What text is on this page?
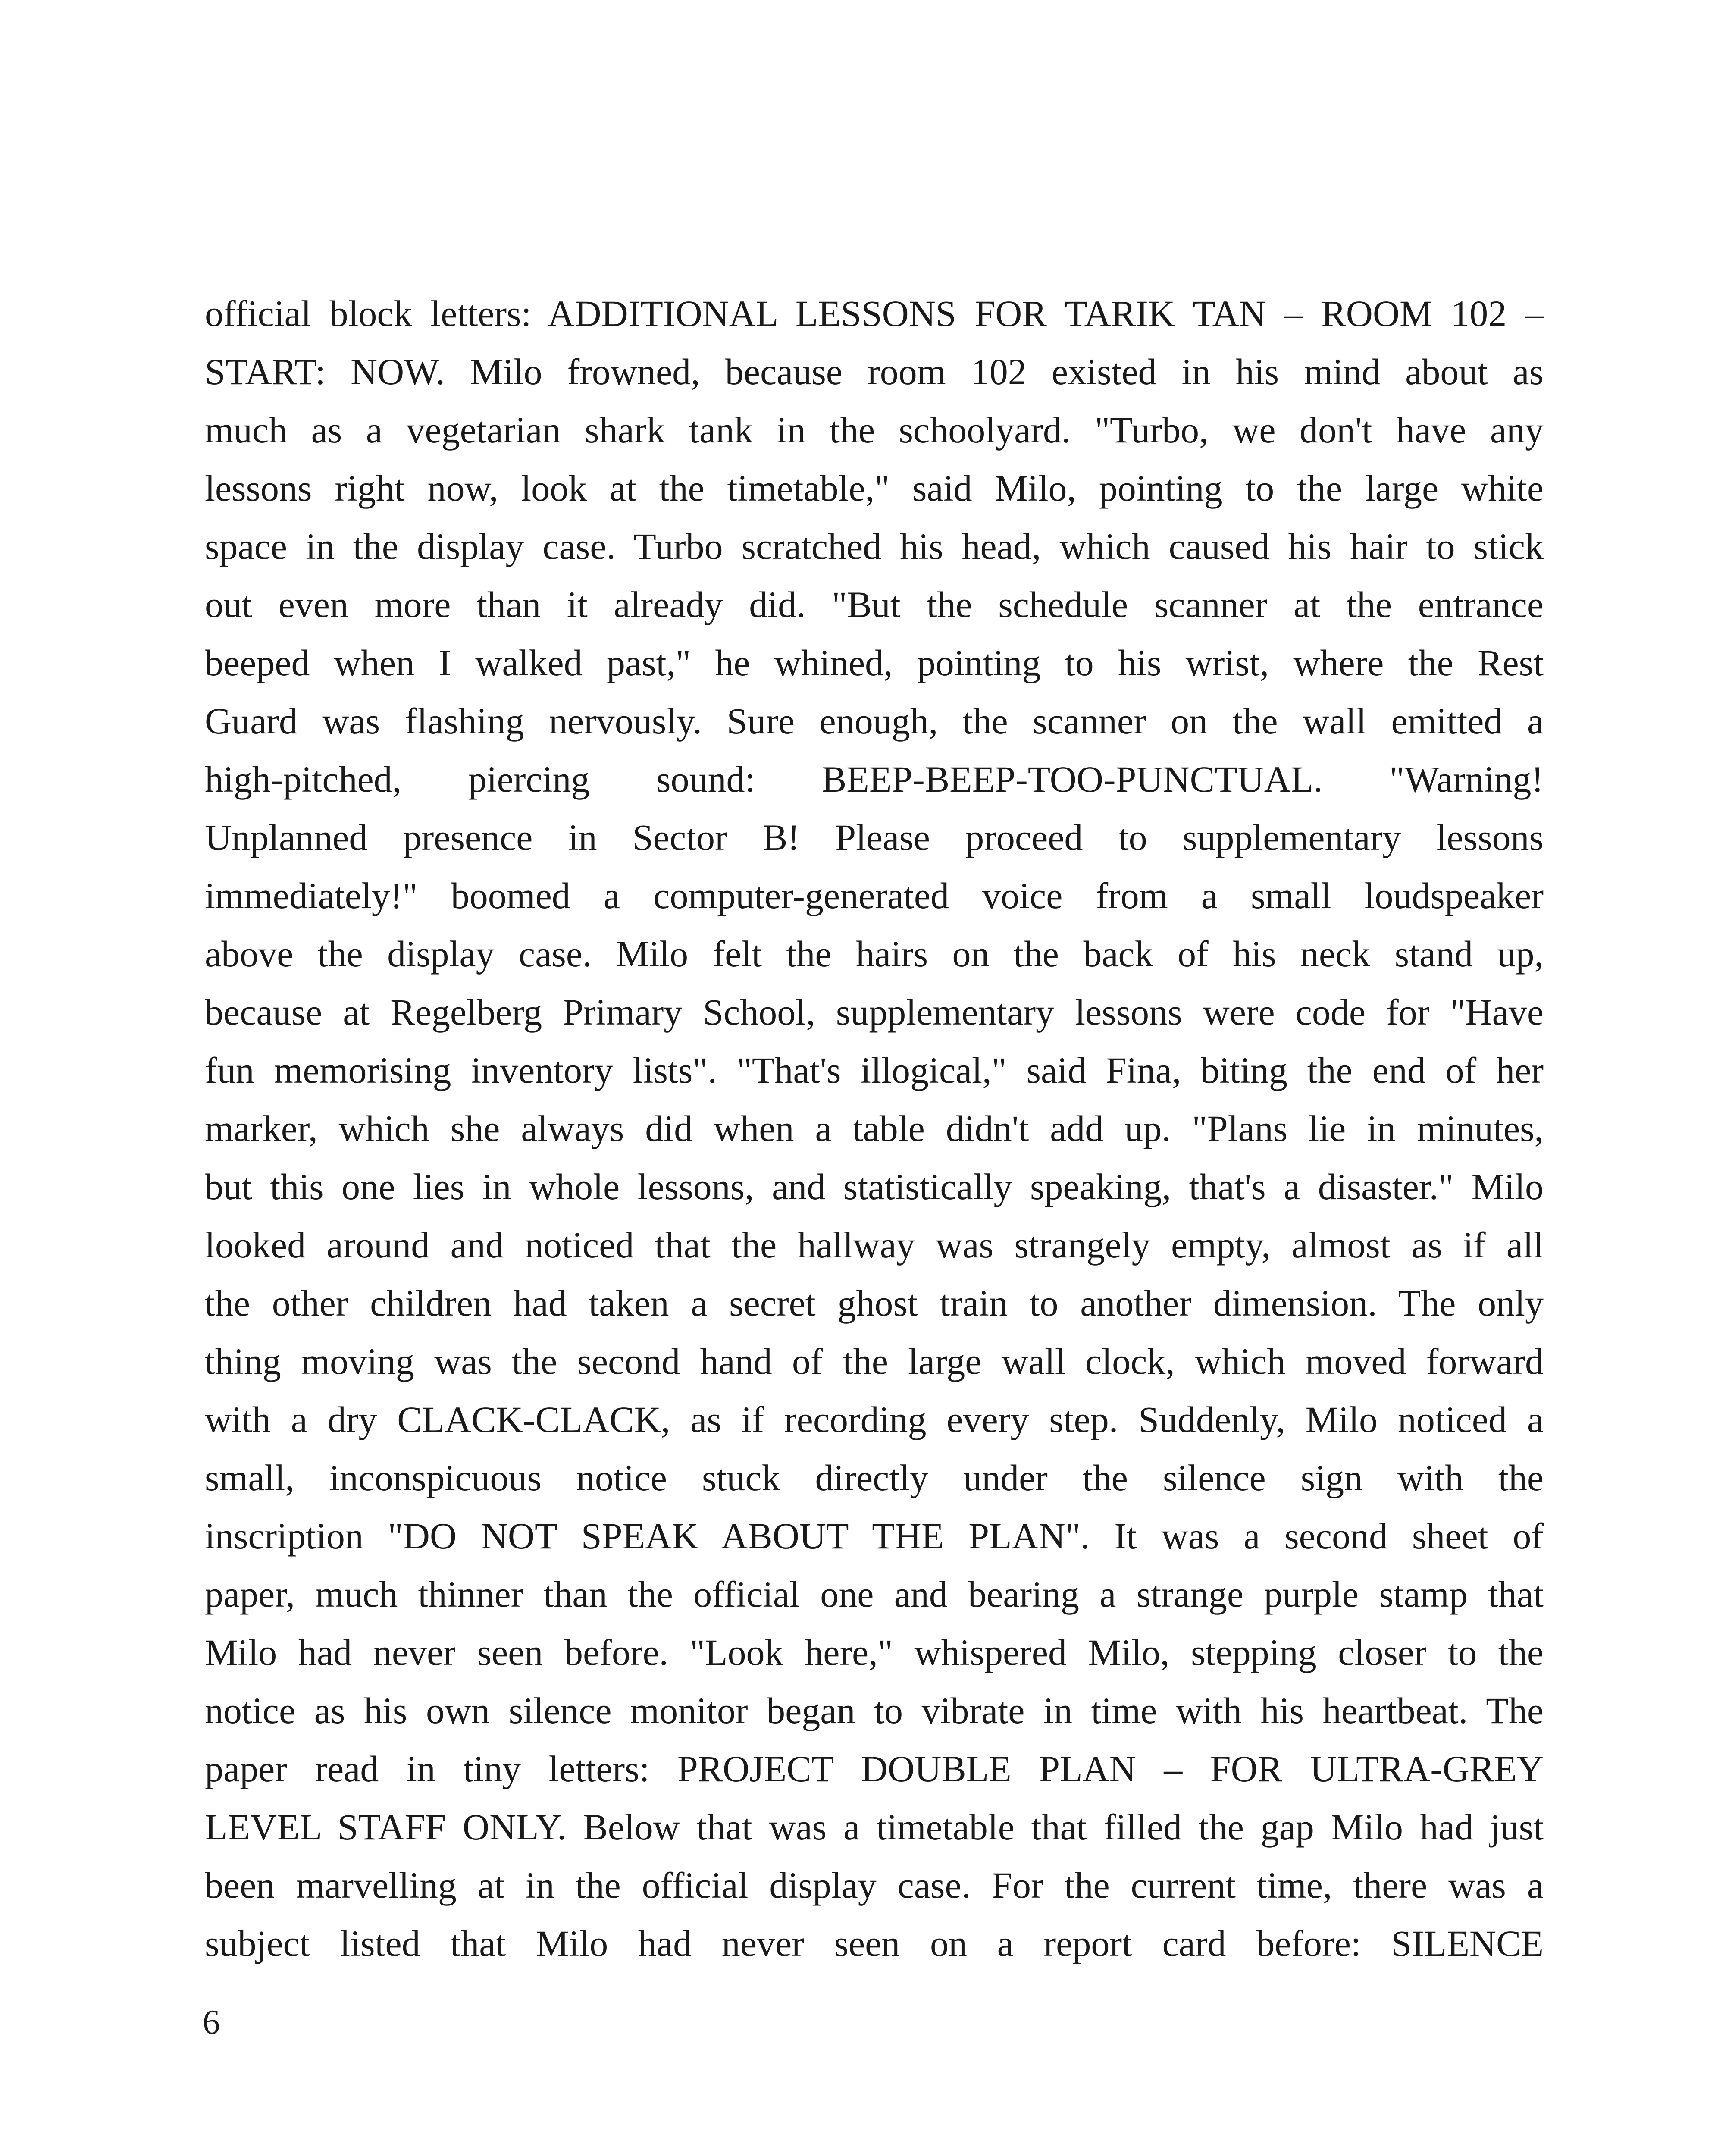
official block letters: ADDITIONAL LESSONS FOR TARIK TAN – ROOM 102 –
START: NOW. Milo frowned, because room 102 existed in his mind about as
much as a vegetarian shark tank in the schoolyard. "Turbo, we don't have any
lessons right now, look at the timetable," said Milo, pointing to the large white
space in the display case. Turbo scratched his head, which caused his hair to stick
out even more than it already did. "But the schedule scanner at the entrance
beeped when I walked past," he whined, pointing to his wrist, where the Rest
Guard was flashing nervously. Sure enough, the scanner on the wall emitted a
high-pitched, piercing sound: BEEP-BEEP-TOO-PUNCTUAL. "Warning!
Unplanned presence in Sector B! Please proceed to supplementary lessons
immediately!" boomed a computer-generated voice from a small loudspeaker
above the display case. Milo felt the hairs on the back of his neck stand up,
because at Regelberg Primary School, supplementary lessons were code for "Have
fun memorising inventory lists". "That's illogical," said Fina, biting the end of her
marker, which she always did when a table didn't add up. "Plans lie in minutes,
but this one lies in whole lessons, and statistically speaking, that's a disaster." Milo
looked around and noticed that the hallway was strangely empty, almost as if all
the other children had taken a secret ghost train to another dimension. The only
thing moving was the second hand of the large wall clock, which moved forward
with a dry CLACK-CLACK, as if recording every step. Suddenly, Milo noticed a
small, inconspicuous notice stuck directly under the silence sign with the
inscription "DO NOT SPEAK ABOUT THE PLAN". It was a second sheet of
paper, much thinner than the official one and bearing a strange purple stamp that
Milo had never seen before. "Look here," whispered Milo, stepping closer to the
notice as his own silence monitor began to vibrate in time with his heartbeat. The
paper read in tiny letters: PROJECT DOUBLE PLAN – FOR ULTRA-GREY
LEVEL STAFF ONLY. Below that was a timetable that filled the gap Milo had just
been marvelling at in the official display case. For the current time, there was a
subject listed that Milo had never seen on a report card before: SILENCE
6
